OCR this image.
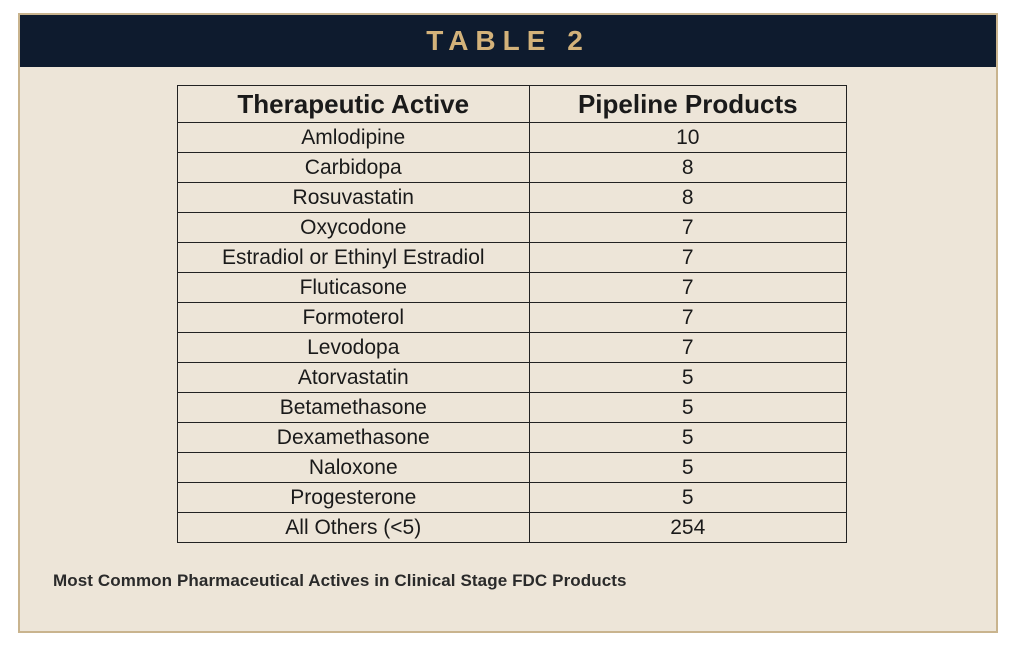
TABLE 2
Therapeutic Active	Pipeline Products
Amlodipine	10
Carbidopa	8
Rosuvastatin	8
Oxycodone	7
Estradiol or Ethinyl Estradiol	7
Fluticasone	7
Formoterol	7
Levodopa	7
Atorvastatin	5
Betamethasone	5
Dexamethasone	5
Naloxone	5
Progesterone	5
All Others (<5)	254
Most Common Pharmaceutical Actives in Clinical Stage FDC Products
